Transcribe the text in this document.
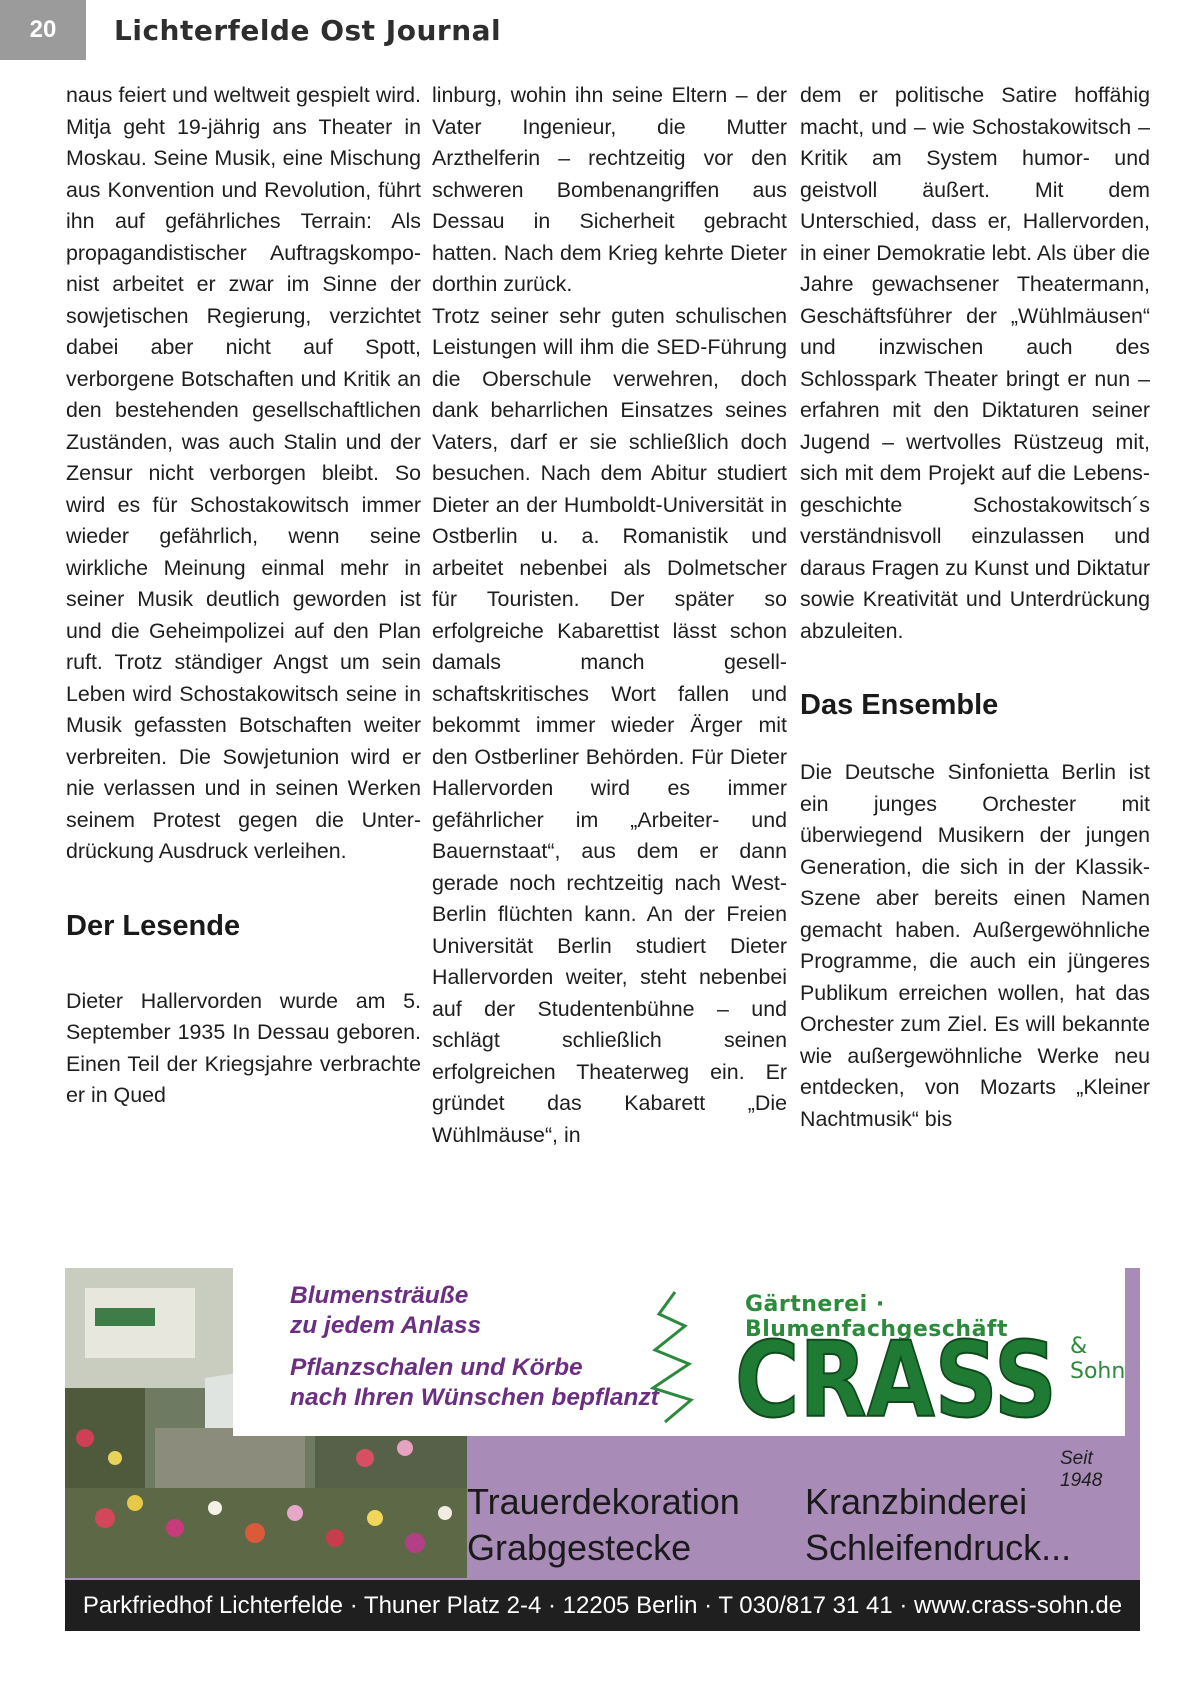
20	Lichterfelde Ost Journal

naus feiert und weltweit gespielt wird. Mitja geht 19-jährig ans Theater in Moskau. Seine Musik, eine Mischung aus Konvention und Revolution, führt ihn auf gefährliches Terrain: Als propagandistischer Auftragskomponist arbeitet er zwar im Sinne der sowjetischen Regierung, verzichtet dabei aber nicht auf Spott, verborgene Botschaften und Kritik an den bestehenden gesellschaftlichen Zuständen, was auch Stalin und der Zensur nicht verborgen bleibt. So wird es für Schostakowitsch immer wieder gefährlich, wenn seine wirkliche Meinung einmal mehr in seiner Musik deutlich geworden ist und die Geheimpolizei auf den Plan ruft. Trotz ständiger Angst um sein Leben wird Schostakowitsch seine in Musik gefassten Botschaften weiter verbreiten. Die Sowjetunion wird er nie verlassen und in seinen Werken seinem Protest gegen die Unterdrückung Ausdruck verleihen.

Der Lesende

Dieter Hallervorden wurde am 5. September 1935 In Dessau geboren. Einen Teil der Kriegsjahre verbrachte er in Qued

linburg, wohin ihn seine Eltern – der Vater Ingenieur, die Mutter Arzthelferin – rechtzeitig vor den schweren Bombenangriffen aus Dessau in Sicherheit gebracht hatten. Nach dem Krieg kehrte Dieter dorthin zurück.

Trotz seiner sehr guten schulischen Leistungen will ihm die SED-Führung die Oberschule verwehren, doch dank beharrlichen Einsatzes seines Vaters, darf er sie schließlich doch besuchen. Nach dem Abitur studiert Dieter an der Humboldt-Universität in Ostberlin u. a. Romanistik und arbeitet nebenbei als Dolmetscher für Touristen. Der später so erfolgreiche Kabarettist lässt schon damals manch gesellschaftskritisches Wort fallen und bekommt immer wieder Ärger mit den Ostberliner Behörden. Für Dieter Hallervorden wird es immer gefährlicher im „Arbeiter- und Bauernstaat“, aus dem er dann gerade noch rechtzeitig nach West-Berlin flüchten kann. An der Freien Universität Berlin studiert Dieter Hallervorden weiter, steht nebenbei auf der Studentenbühne – und schlägt schließlich seinen erfolgreichen Theaterweg ein. Er gründet das Kabarett „Die Wühlmäuse“, in

dem er politische Satire hoffähig macht, und – wie Schostakowitsch – Kritik am System humor- und geistvoll äußert. Mit dem Unterschied, dass er, Hallervorden, in einer Demokratie lebt. Als über die Jahre gewachsener Theatermann, Geschäftsführer der „Wühlmäusen“ und inzwischen auch des Schlosspark Theater bringt er nun – erfahren mit den Diktaturen seiner Jugend – wertvolles Rüstzeug mit, sich mit dem Projekt auf die Lebensgeschichte Schostakowitsch´s verständnisvoll einzulassen und daraus Fragen zu Kunst und Diktatur sowie Kreativität und Unterdrückung abzuleiten.

Das Ensemble

Die Deutsche Sinfonietta Berlin ist ein junges Orchester mit überwiegend Musikern der jungen Generation, die sich in der Klassik-Szene aber bereits einen Namen gemacht haben. Außergewöhnliche Programme, die auch ein jüngeres Publikum erreichen wollen, hat das Orchester zum Ziel. Es will bekannte wie außergewöhnliche Werke neu entdecken, von Mozarts „Kleiner Nachtmusik“ bis

Blumensträuße
zu jedem Anlass
Pflanzschalen und Körbe
nach Ihren Wünschen bepflanzt
Gärtnerei · Blumenfachgeschäft
CRASS & Sohn
Seit 1948
Trauerdekoration
Grabgestecke
Kranzbinderei
Schleifendruck...
Parkfriedhof Lichterfelde · Thuner Platz 2-4 · 12205 Berlin · T 030/817 31 41 · www.crass-sohn.de
